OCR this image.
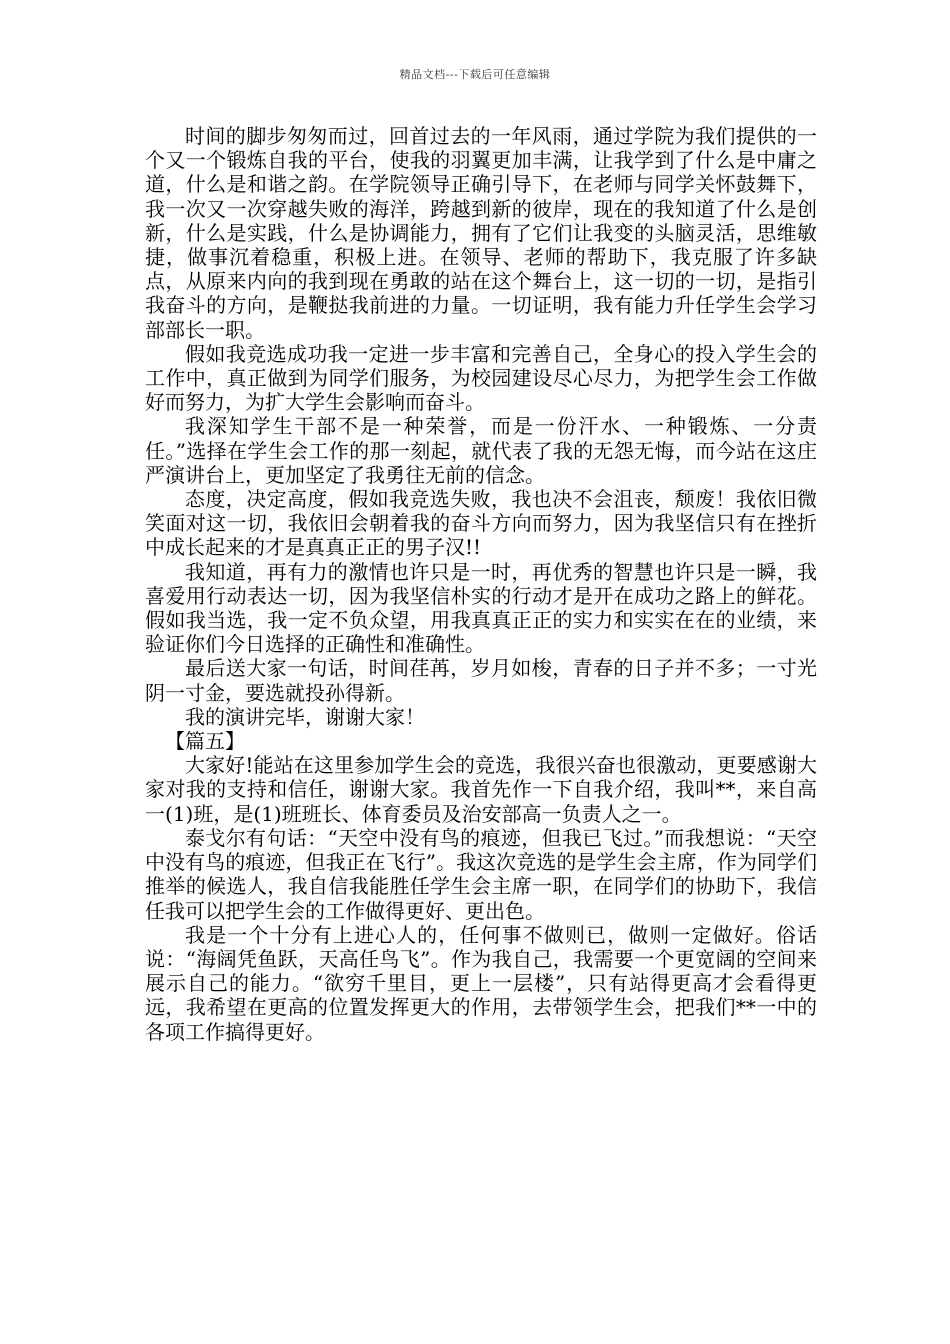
精品文档---下载后可任意编辑

时间的脚步匆匆而过，回首过去的一年风雨，通过学院为我们提供的一个又一个锻炼自我的平台，使我的羽翼更加丰满，让我学到了什么是中庸之道，什么是和谐之韵。在学院领导正确引导下，在老师与同学关怀鼓舞下，我一次又一次穿越失败的海洋，跨越到新的彼岸，现在的我知道了什么是创新，什么是实践，什么是协调能力，拥有了它们让我变的头脑灵活，思维敏捷，做事沉着稳重，积极上进。在领导、老师的帮助下，我克服了许多缺点，从原来内向的我到现在勇敢的站在这个舞台上，这一切的一切，是指引我奋斗的方向，是鞭挞我前进的力量。一切证明，我有能力升任学生会学习部部长一职。

假如我竞选成功我一定进一步丰富和完善自己，全身心的投入学生会的工作中，真正做到为同学们服务，为校园建设尽心尽力，为把学生会工作做好而努力，为扩大学生会影响而奋斗。

我深知学生干部不是一种荣誉，而是一份汗水、一种锻炼、一分责任。”选择在学生会工作的那一刻起，就代表了我的无怨无悔，而今站在这庄严演讲台上，更加坚定了我勇往无前的信念。

态度，决定高度，假如我竞选失败，我也决不会沮丧，颓废！我依旧微笑面对这一切，我依旧会朝着我的奋斗方向而努力，因为我坚信只有在挫折中成长起来的才是真真正正的男子汉!!

我知道，再有力的激情也许只是一时，再优秀的智慧也许只是一瞬，我喜爱用行动表达一切，因为我坚信朴实的行动才是开在成功之路上的鲜花。假如我当选，我一定不负众望，用我真真正正的实力和实实在在的业绩，来验证你们今日选择的正确性和准确性。

最后送大家一句话，时间荏苒，岁月如梭，青春的日子并不多；一寸光阴一寸金，要选就投孙得新。

我的演讲完毕，谢谢大家！

【篇五】

大家好!能站在这里参加学生会的竞选，我很兴奋也很激动，更要感谢大家对我的支持和信任，谢谢大家。我首先作一下自我介绍，我叫**，来自高一(1)班，是(1)班班长、体育委员及治安部高一负责人之一。

泰戈尔有句话：“天空中没有鸟的痕迹，但我已飞过。”而我想说：“天空中没有鸟的痕迹，但我正在飞行”。我这次竞选的是学生会主席，作为同学们推举的候选人，我自信我能胜任学生会主席一职，在同学们的协助下，我信任我可以把学生会的工作做得更好、更出色。

我是一个十分有上进心人的，任何事不做则已，做则一定做好。俗话说：“海阔凭鱼跃，天高任鸟飞”。作为我自己，我需要一个更宽阔的空间来展示自己的能力。“欲穷千里目，更上一层楼”，只有站得更高才会看得更远，我希望在更高的位置发挥更大的作用，去带领学生会，把我们**一中的各项工作搞得更好。
